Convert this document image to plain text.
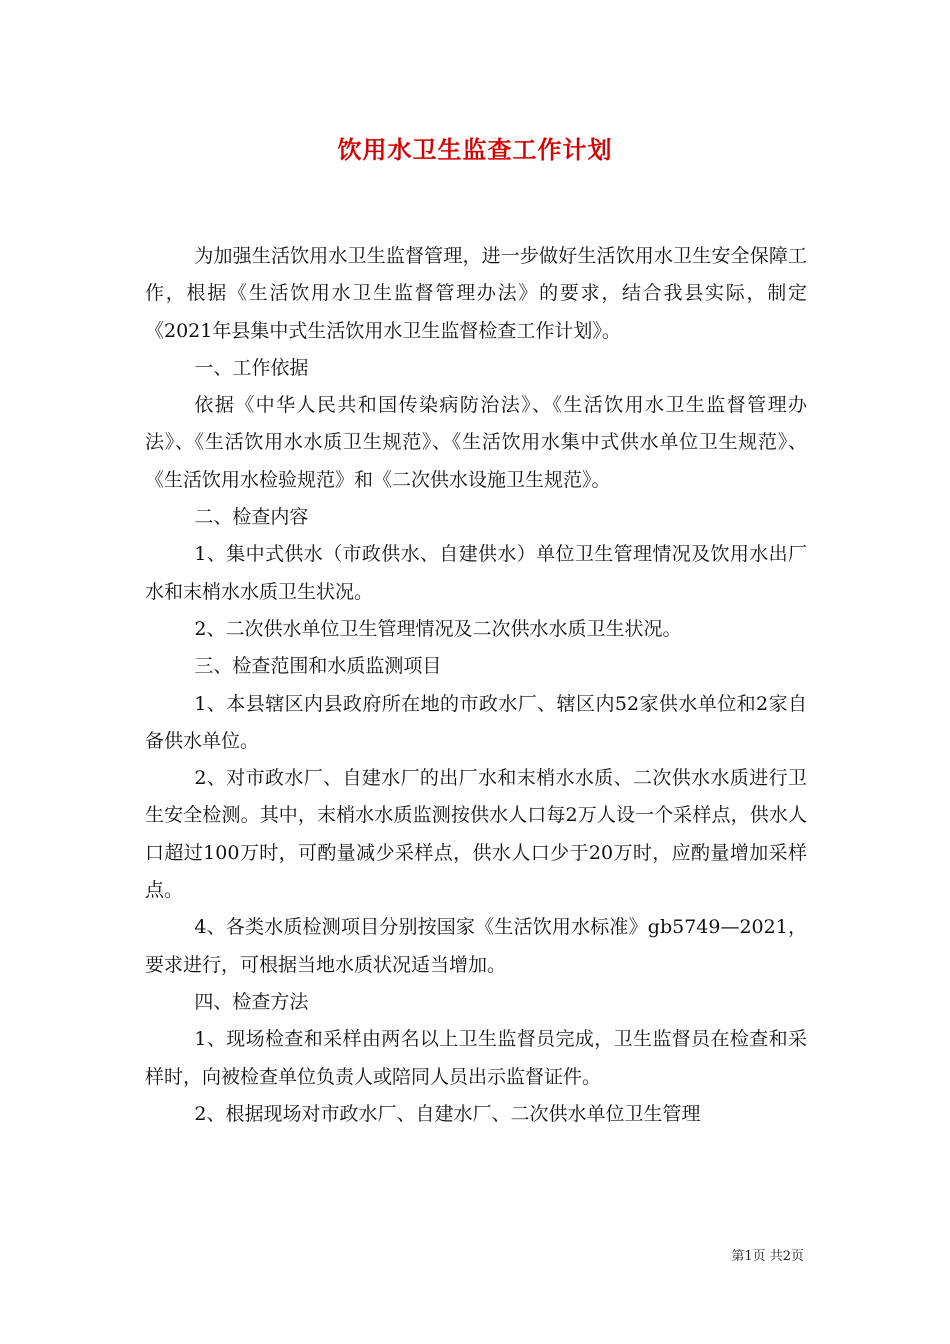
饮用水卫生监查工作计划

为加强生活饮用水卫生监督管理，进一步做好生活饮用水卫生安全保障工作，根据《生活饮用水卫生监督管理办法》的要求，结合我县实际，制定《2021年县集中式生活饮用水卫生监督检查工作计划》。

一、工作依据

依据《中华人民共和国传染病防治法》、《生活饮用水卫生监督管理办法》、《生活饮用水水质卫生规范》、《生活饮用水集中式供水单位卫生规范》、《生活饮用水检验规范》和《二次供水设施卫生规范》。

二、检查内容

1、集中式供水（市政供水、自建供水）单位卫生管理情况及饮用水出厂水和末梢水水质卫生状况。

2、二次供水单位卫生管理情况及二次供水水质卫生状况。

三、检查范围和水质监测项目

1、本县辖区内县政府所在地的市政水厂、辖区内52家供水单位和2家自备供水单位。

2、对市政水厂、自建水厂的出厂水和末梢水水质、二次供水水质进行卫生安全检测。其中，末梢水水质监测按供水人口每2万人设一个采样点，供水人口超过100万时，可酌量减少采样点，供水人口少于20万时，应酌量增加采样点。

4、各类水质检测项目分别按国家《生活饮用水标准》gb5749—2021，要求进行，可根据当地水质状况适当增加。

四、检查方法

1、现场检查和采样由两名以上卫生监督员完成，卫生监督员在检查和采样时，向被检查单位负责人或陪同人员出示监督证件。

2、根据现场对市政水厂、自建水厂、二次供水单位卫生管理

第1页 共2页
